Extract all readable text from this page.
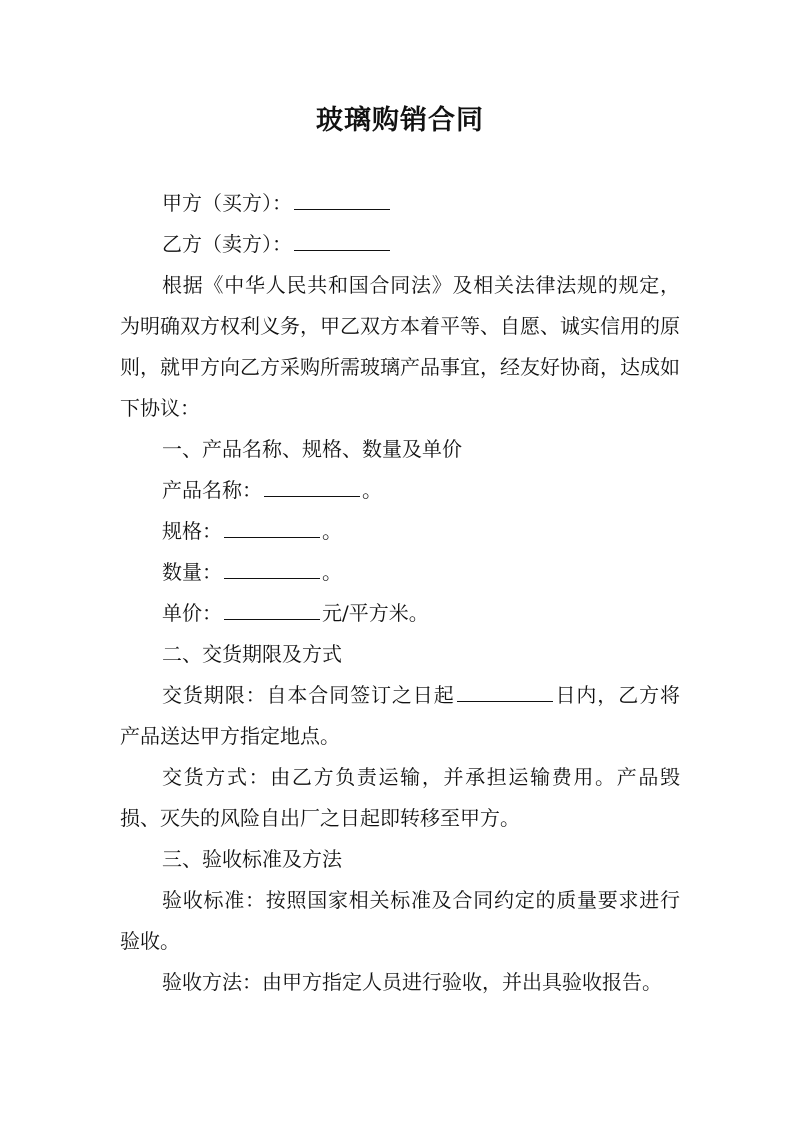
玻璃购销合同
甲方（买方）：
乙方（卖方）：
根据《中华人民共和国合同法》及相关法律法规的规定，为明确双方权利义务，甲乙双方本着平等、自愿、诚实信用的原则，就甲方向乙方采购所需玻璃产品事宜，经友好协商，达成如下协议：
一、产品名称、规格、数量及单价
产品名称：	。
规格：	。
数量：	。
单价：	元/平方米。
二、交货期限及方式
交货期限：自本合同签订之日起	日内，乙方将产品送达甲方指定地点。
交货方式：由乙方负责运输，并承担运输费用。产品毁损、灭失的风险自出厂之日起即转移至甲方。
三、验收标准及方法
验收标准：按照国家相关标准及合同约定的质量要求进行验收。
验收方法：由甲方指定人员进行验收，并出具验收报告。
